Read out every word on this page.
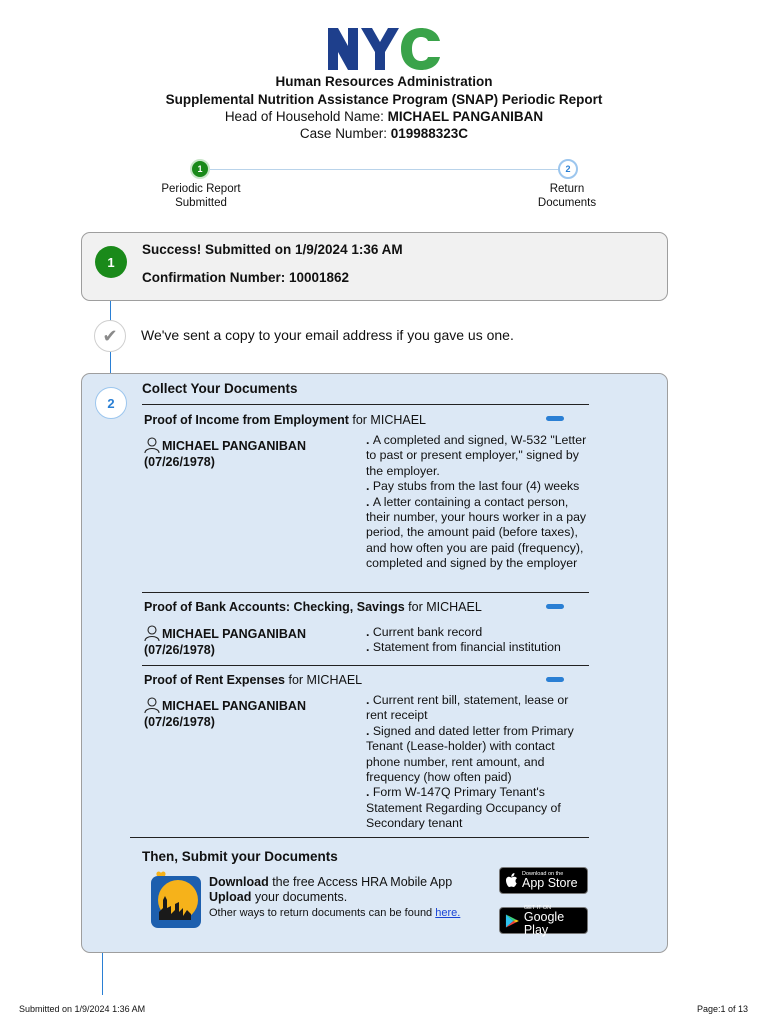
Human Resources Administration
Supplemental Nutrition Assistance Program (SNAP) Periodic Report
Head of Household Name: MICHAEL PANGANIBAN
Case Number: 019988323C
1	2
Periodic Report
Submitted
Return
Documents
1
Success! Submitted on 1/9/2024 1:36 AM
Confirmation Number: 10001862
✔	We've sent a copy to your email address if you gave us one.
2
Collect Your Documents
Proof of Income from Employment for MICHAEL
MICHAEL PANGANIBAN
(07/26/1978)
. A completed and signed, W-532 "Letter to past or present employer," signed by the employer.
. Pay stubs from the last four (4) weeks
. A letter containing a contact person, their number, your hours worker in a pay period, the amount paid (before taxes), and how often you are paid (frequency), completed and signed by the employer
Proof of Bank Accounts: Checking, Savings for MICHAEL
MICHAEL PANGANIBAN
(07/26/1978)
. Current bank record
. Statement from financial institution
Proof of Rent Expenses for MICHAEL
MICHAEL PANGANIBAN
(07/26/1978)
. Current rent bill, statement, lease or rent receipt
. Signed and dated letter from Primary Tenant (Lease-holder) with contact phone number, rent amount, and frequency (how often paid)
. Form W-147Q Primary Tenant's Statement Regarding Occupancy of Secondary tenant
Then, Submit your Documents
Download the free Access HRA Mobile App
Upload your documents.
Other ways to return documents can be found here.
Download on the
App Store
GET IT ON
Google Play
Submitted on 1/9/2024 1:36 AM	Page:1 of 13
